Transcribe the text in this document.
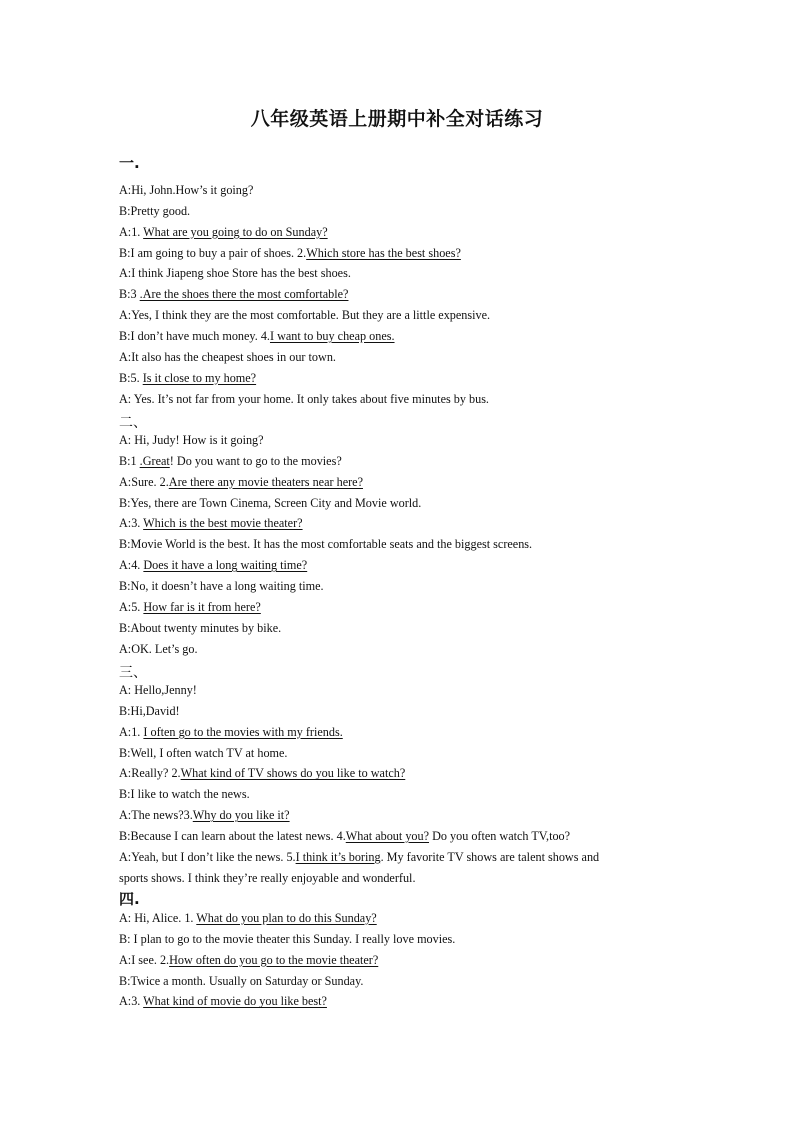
八年级英语上册期中补全对话练习
一.
A:Hi, John.How’s it going?
B:Pretty good.
A:1. What are you going to do on Sunday?
B:I am going to buy a pair of shoes. 2.Which store has the best shoes?
A:I think Jiapeng shoe Store has the best shoes.
B:3 .Are the shoes there the most comfortable?
A:Yes, I think they are the most comfortable. But they are a little expensive.
B:I don’t have much money. 4.I want to buy cheap ones.
A:It also has the cheapest shoes in our town.
B:5. Is it close to my home?
A: Yes. It’s not far from your home. It only takes about five minutes by bus.
二、
A: Hi, Judy! How is it going?
B:1 .Great! Do you want to go to the movies?
A:Sure. 2.Are there any movie theaters near here?
B:Yes, there are Town Cinema, Screen City and Movie world.
A:3. Which is the best movie theater?
B:Movie World is the best. It has the most comfortable seats and the biggest screens.
A:4. Does it have a long waiting time?
B:No, it doesn’t have a long waiting time.
A:5. How far is it from here?
B:About twenty minutes by bike.
A:OK. Let’s go.
三、
A: Hello,Jenny!
B:Hi,David!
A:1. I often go to the movies with my friends.
B:Well, I often watch TV at home.
A:Really? 2.What kind of TV shows do you like to watch?
B:I like to watch the news.
A:The news?3.Why do you like it?
B:Because I can learn about the latest news. 4.What about you? Do you often watch TV,too?
A:Yeah, but I don’t like the news. 5.I think it’s boring. My favorite TV shows are talent shows and
sports shows. I think they’re really enjoyable and wonderful.
四.
A: Hi, Alice. 1. What do you plan to do this Sunday?
B: I plan to go to the movie theater this Sunday. I really love movies.
A:I see. 2.How often do you go to the movie theater?
B:Twice a month. Usually on Saturday or Sunday.
A:3. What kind of movie do you like best?
